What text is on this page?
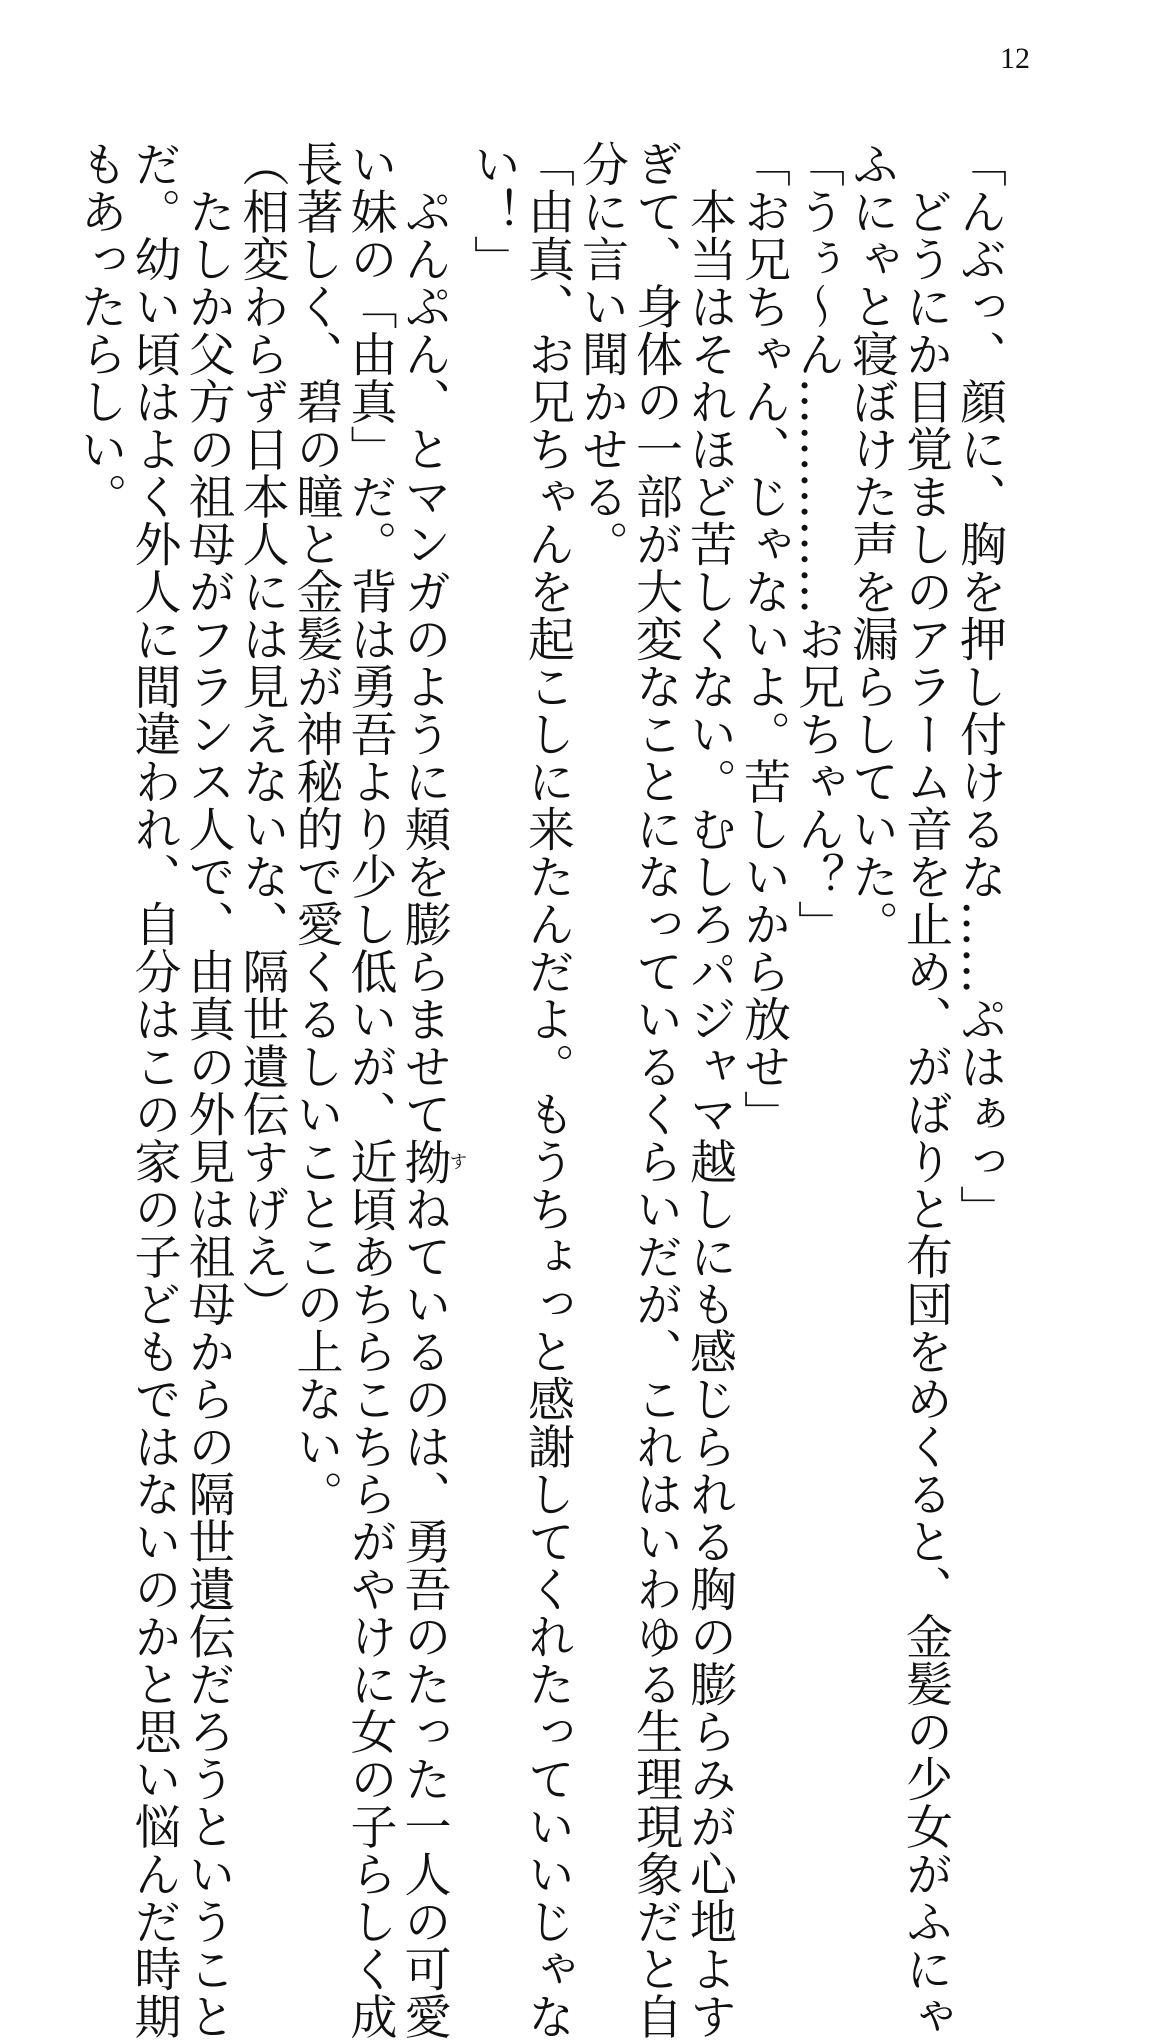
12
「んぶっ、顔に、胸を押し付けるな……ぷはぁっ」
　どうにか目覚ましのアラーム音を止め、がばりと布団をめくると、金髪の少女がふにゃ
ふにゃと寝ぼけた声を漏らしていた。
「うぅ〜ん……………お兄ちゃん？」
「お兄ちゃん、じゃないよ。苦しいから放せ」
　本当はそれほど苦しくない。むしろパジャマ越しにも感じられる胸の膨らみが心地よす
ぎて、身体の一部が大変なことになっているくらいだが、これはいわゆる生理現象だと自
分に言い聞かせる。
「由真、お兄ちゃんを起こしに来たんだよ。もうちょっと感謝してくれたっていいじゃな
い！」
　ぷんぷん、とマンガのように頬を膨らませて拗すねているのは、勇吾のたった一人の可愛
い妹の「由真」だ。背は勇吾より少し低いが、近頃あちらこちらがやけに女の子らしく成
長著しく、碧の瞳と金髪が神秘的で愛くるしいことこの上ない。
（相変わらず日本人には見えないな、隔世遺伝すげえ）
　たしか父方の祖母がフランス人で、由真の外見は祖母からの隔世遺伝だろうということ
だ。幼い頃はよく外人に間違われ、自分はこの家の子どもではないのかと思い悩んだ時期
もあったらしい。
